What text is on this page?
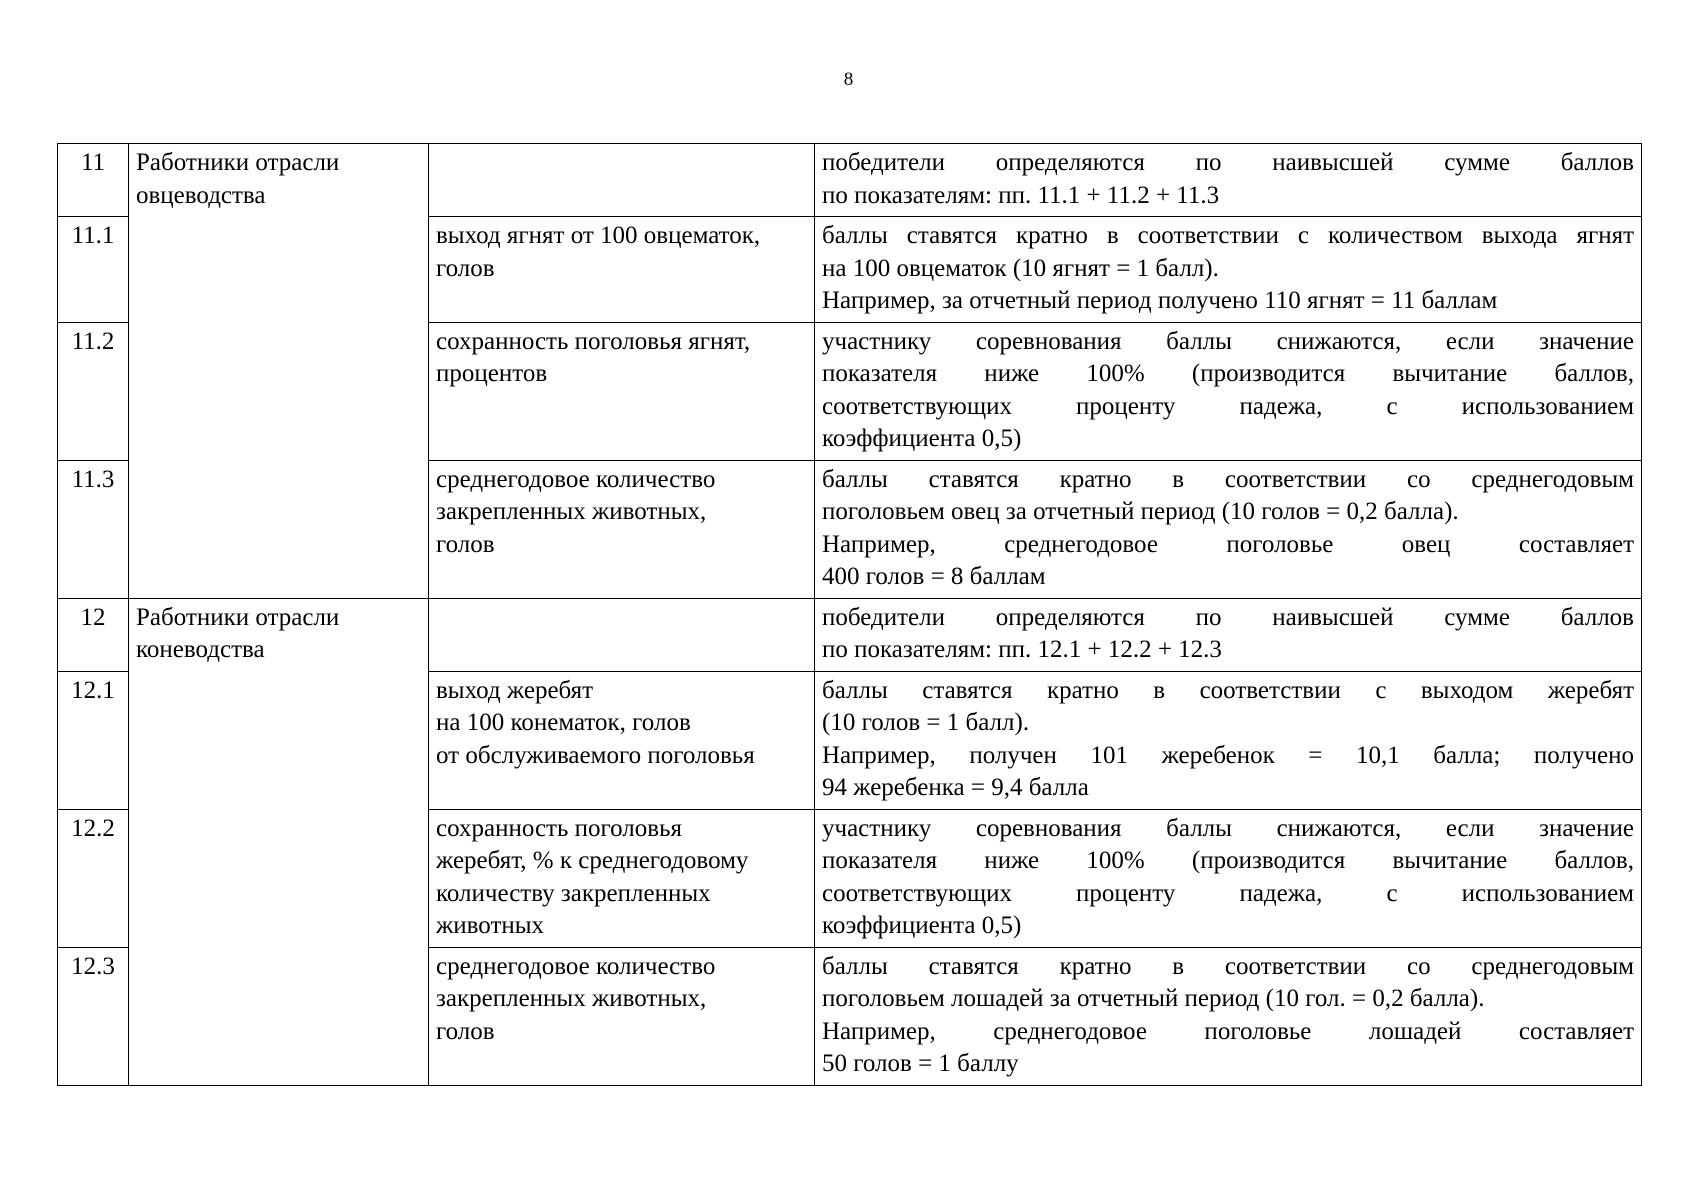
8
11	Работники отрасли
овцеводства		победители определяются по наивысшей сумме баллов
по показателям: пп. 11.1 + 11.2 + 11.3

11.1		выход ягнят от 100 овцематок,
голов	баллы ставятся кратно в соответствии с количеством выхода ягнят
на 100 овцематок (10 ягнят = 1 балл).
Например, за отчетный период получено 110 ягнят = 11 баллам

11.2		сохранность поголовья ягнят,
процентов	участнику соревнования баллы снижаются, если значение
показателя ниже 100% (производится вычитание баллов,
соответствующих проценту падежа, с использованием
коэффициента 0,5)

11.3		среднегодовое количество
закрепленных животных,
голов	баллы ставятся кратно в соответствии со среднегодовым
поголовьем овец за отчетный период (10 голов = 0,2 балла).
Например, среднегодовое поголовье овец составляет
400 голов = 8 баллам

12	Работники отрасли
коневодства		победители определяются по наивысшей сумме баллов
по показателям: пп. 12.1 + 12.2 + 12.3

12.1		выход жеребят
на 100 конематок, голов
от обслуживаемого поголовья	баллы ставятся кратно в соответствии с выходом жеребят
(10 голов = 1 балл).
Например, получен 101 жеребенок = 10,1 балла; получено
94 жеребенка = 9,4 балла

12.2		сохранность поголовья
жеребят, % к среднегодовому
количеству закрепленных
животных	участнику соревнования баллы снижаются, если значение
показателя ниже 100% (производится вычитание баллов,
соответствующих проценту падежа, с использованием
коэффициента 0,5)

12.3		среднегодовое количество
закрепленных животных,
голов	баллы ставятся кратно в соответствии со среднегодовым
поголовьем лошадей за отчетный период (10 гол. = 0,2 балла).
Например, среднегодовое поголовье лошадей составляет
50 голов = 1 баллу
